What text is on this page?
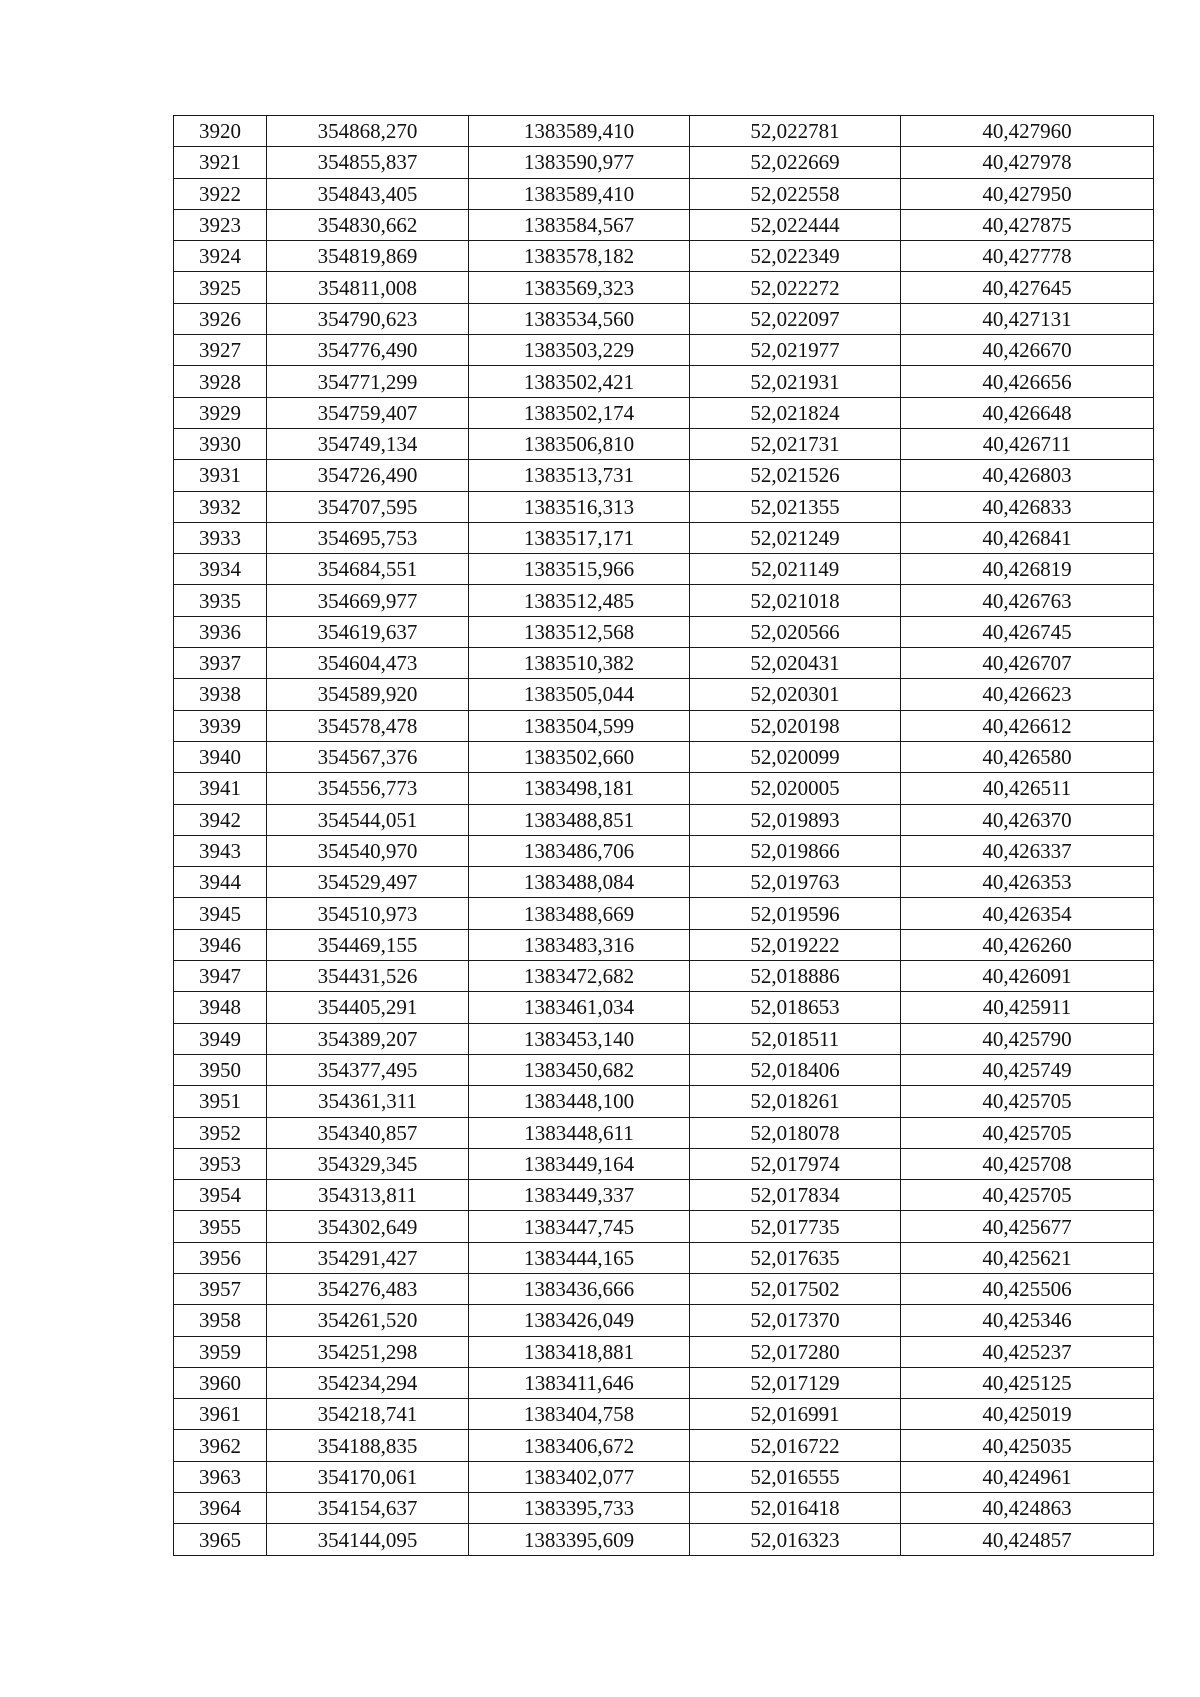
3920	354868,270	1383589,410	52,022781	40,427960
3921	354855,837	1383590,977	52,022669	40,427978
3922	354843,405	1383589,410	52,022558	40,427950
3923	354830,662	1383584,567	52,022444	40,427875
3924	354819,869	1383578,182	52,022349	40,427778
3925	354811,008	1383569,323	52,022272	40,427645
3926	354790,623	1383534,560	52,022097	40,427131
3927	354776,490	1383503,229	52,021977	40,426670
3928	354771,299	1383502,421	52,021931	40,426656
3929	354759,407	1383502,174	52,021824	40,426648
3930	354749,134	1383506,810	52,021731	40,426711
3931	354726,490	1383513,731	52,021526	40,426803
3932	354707,595	1383516,313	52,021355	40,426833
3933	354695,753	1383517,171	52,021249	40,426841
3934	354684,551	1383515,966	52,021149	40,426819
3935	354669,977	1383512,485	52,021018	40,426763
3936	354619,637	1383512,568	52,020566	40,426745
3937	354604,473	1383510,382	52,020431	40,426707
3938	354589,920	1383505,044	52,020301	40,426623
3939	354578,478	1383504,599	52,020198	40,426612
3940	354567,376	1383502,660	52,020099	40,426580
3941	354556,773	1383498,181	52,020005	40,426511
3942	354544,051	1383488,851	52,019893	40,426370
3943	354540,970	1383486,706	52,019866	40,426337
3944	354529,497	1383488,084	52,019763	40,426353
3945	354510,973	1383488,669	52,019596	40,426354
3946	354469,155	1383483,316	52,019222	40,426260
3947	354431,526	1383472,682	52,018886	40,426091
3948	354405,291	1383461,034	52,018653	40,425911
3949	354389,207	1383453,140	52,018511	40,425790
3950	354377,495	1383450,682	52,018406	40,425749
3951	354361,311	1383448,100	52,018261	40,425705
3952	354340,857	1383448,611	52,018078	40,425705
3953	354329,345	1383449,164	52,017974	40,425708
3954	354313,811	1383449,337	52,017834	40,425705
3955	354302,649	1383447,745	52,017735	40,425677
3956	354291,427	1383444,165	52,017635	40,425621
3957	354276,483	1383436,666	52,017502	40,425506
3958	354261,520	1383426,049	52,017370	40,425346
3959	354251,298	1383418,881	52,017280	40,425237
3960	354234,294	1383411,646	52,017129	40,425125
3961	354218,741	1383404,758	52,016991	40,425019
3962	354188,835	1383406,672	52,016722	40,425035
3963	354170,061	1383402,077	52,016555	40,424961
3964	354154,637	1383395,733	52,016418	40,424863
3965	354144,095	1383395,609	52,016323	40,424857
